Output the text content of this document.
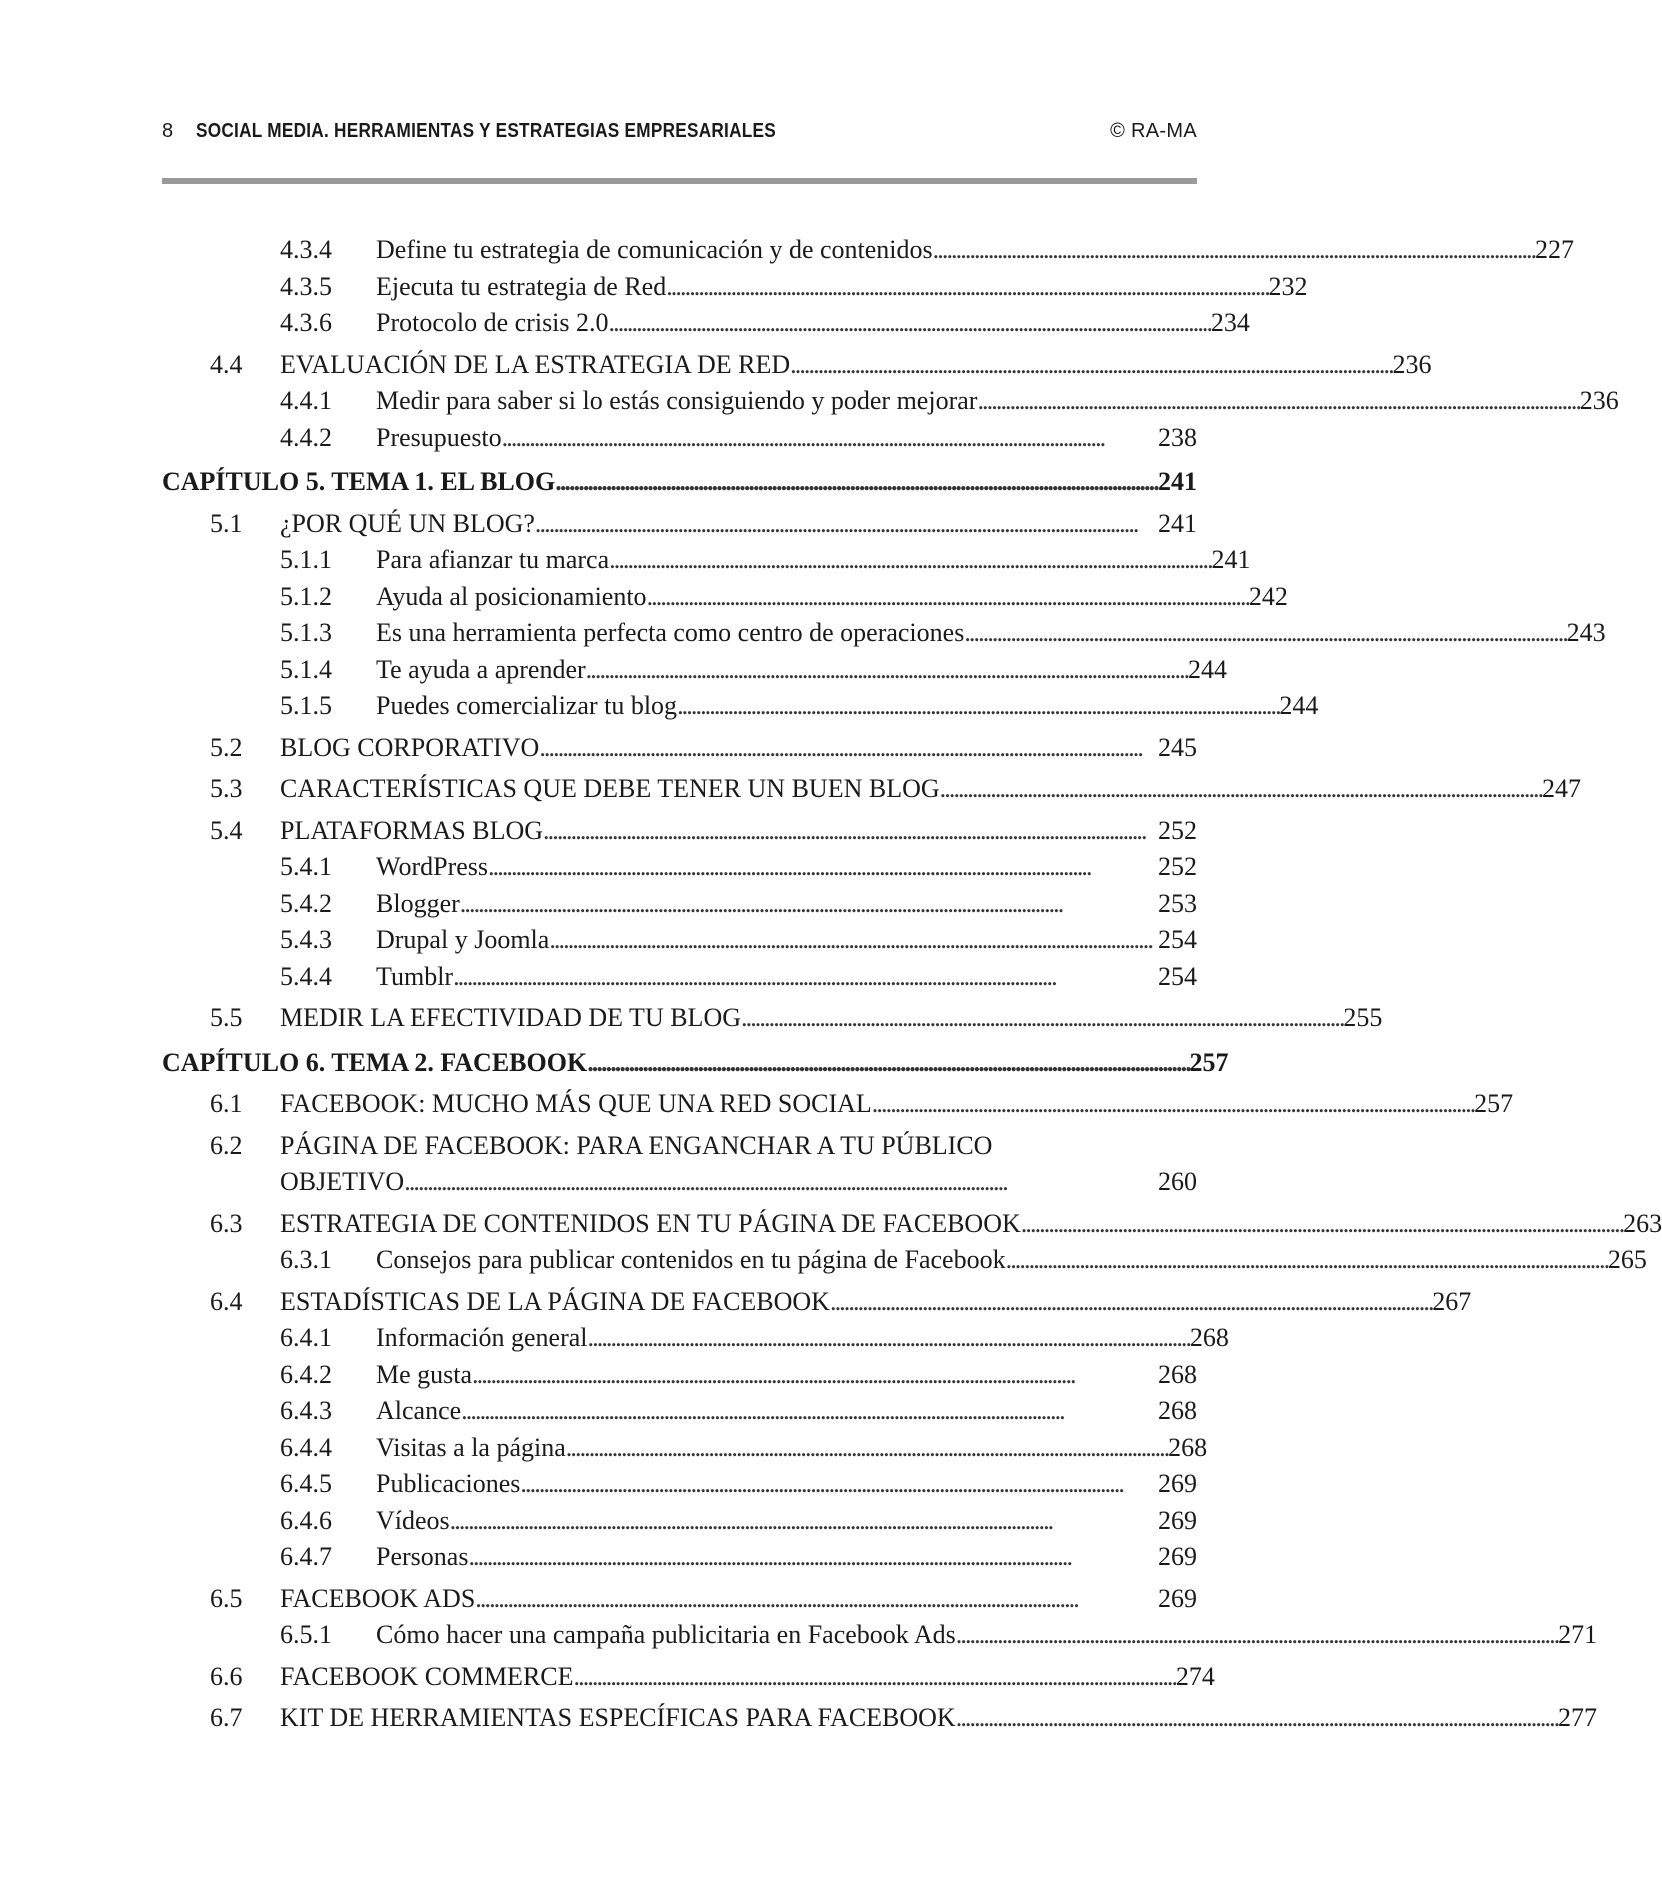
8 SOCIAL MEDIA. HERRAMIENTAS Y ESTRATEGIAS EMPRESARIALES	© RA-MA
4.3.4	Define tu estrategia de comunicación y de contenidos . . .	227
4.3.5	Ejecuta tu estrategia de Red . . .	232
4.3.6	Protocolo de crisis 2.0 . . .	234
4.4	EVALUACIÓN DE LA ESTRATEGIA DE RED . . .	236
4.4.1	Medir para saber si lo estás consiguiendo y poder mejorar . . .	236
4.4.2	Presupuesto . . .	238
CAPÍTULO 5. TEMA 1. EL BLOG . . .	241
5.1	¿POR QUÉ UN BLOG? . . .	241
5.1.1	Para afianzar tu marca . . .	241
5.1.2	Ayuda al posicionamiento . . .	242
5.1.3	Es una herramienta perfecta como centro de operaciones . . .	243
5.1.4	Te ayuda a aprender . . .	244
5.1.5	Puedes comercializar tu blog . . .	244
5.2	BLOG CORPORATIVO . . .	245
5.3	CARACTERÍSTICAS QUE DEBE TENER UN BUEN BLOG . . .	247
5.4	PLATAFORMAS BLOG . . .	252
5.4.1	WordPress . . .	252
5.4.2	Blogger . . .	253
5.4.3	Drupal y Joomla . . .	254
5.4.4	Tumblr . . .	254
5.5	MEDIR LA EFECTIVIDAD DE TU BLOG . . .	255
CAPÍTULO 6. TEMA 2. FACEBOOK . . .	257
6.1	FACEBOOK: MUCHO MÁS QUE UNA RED SOCIAL . . .	257
6.2	PÁGINA DE FACEBOOK: PARA ENGANCHAR A TU PÚBLICO
OBJETIVO . . .	260
6.3	ESTRATEGIA DE CONTENIDOS EN TU PÁGINA DE FACEBOOK . . .	263
6.3.1	Consejos para publicar contenidos en tu página de Facebook . . .	265
6.4	ESTADÍSTICAS DE LA PÁGINA DE FACEBOOK . . .	267
6.4.1	Información general . . .	268
6.4.2	Me gusta . . .	268
6.4.3	Alcance . . .	268
6.4.4	Visitas a la página . . .	268
6.4.5	Publicaciones . . .	269
6.4.6	Vídeos . . .	269
6.4.7	Personas . . .	269
6.5	FACEBOOK ADS . . .	269
6.5.1	Cómo hacer una campaña publicitaria en Facebook Ads . . .	271
6.6	FACEBOOK COMMERCE . . .	274
6.7	KIT DE HERRAMIENTAS ESPECÍFICAS PARA FACEBOOK . . .	277
